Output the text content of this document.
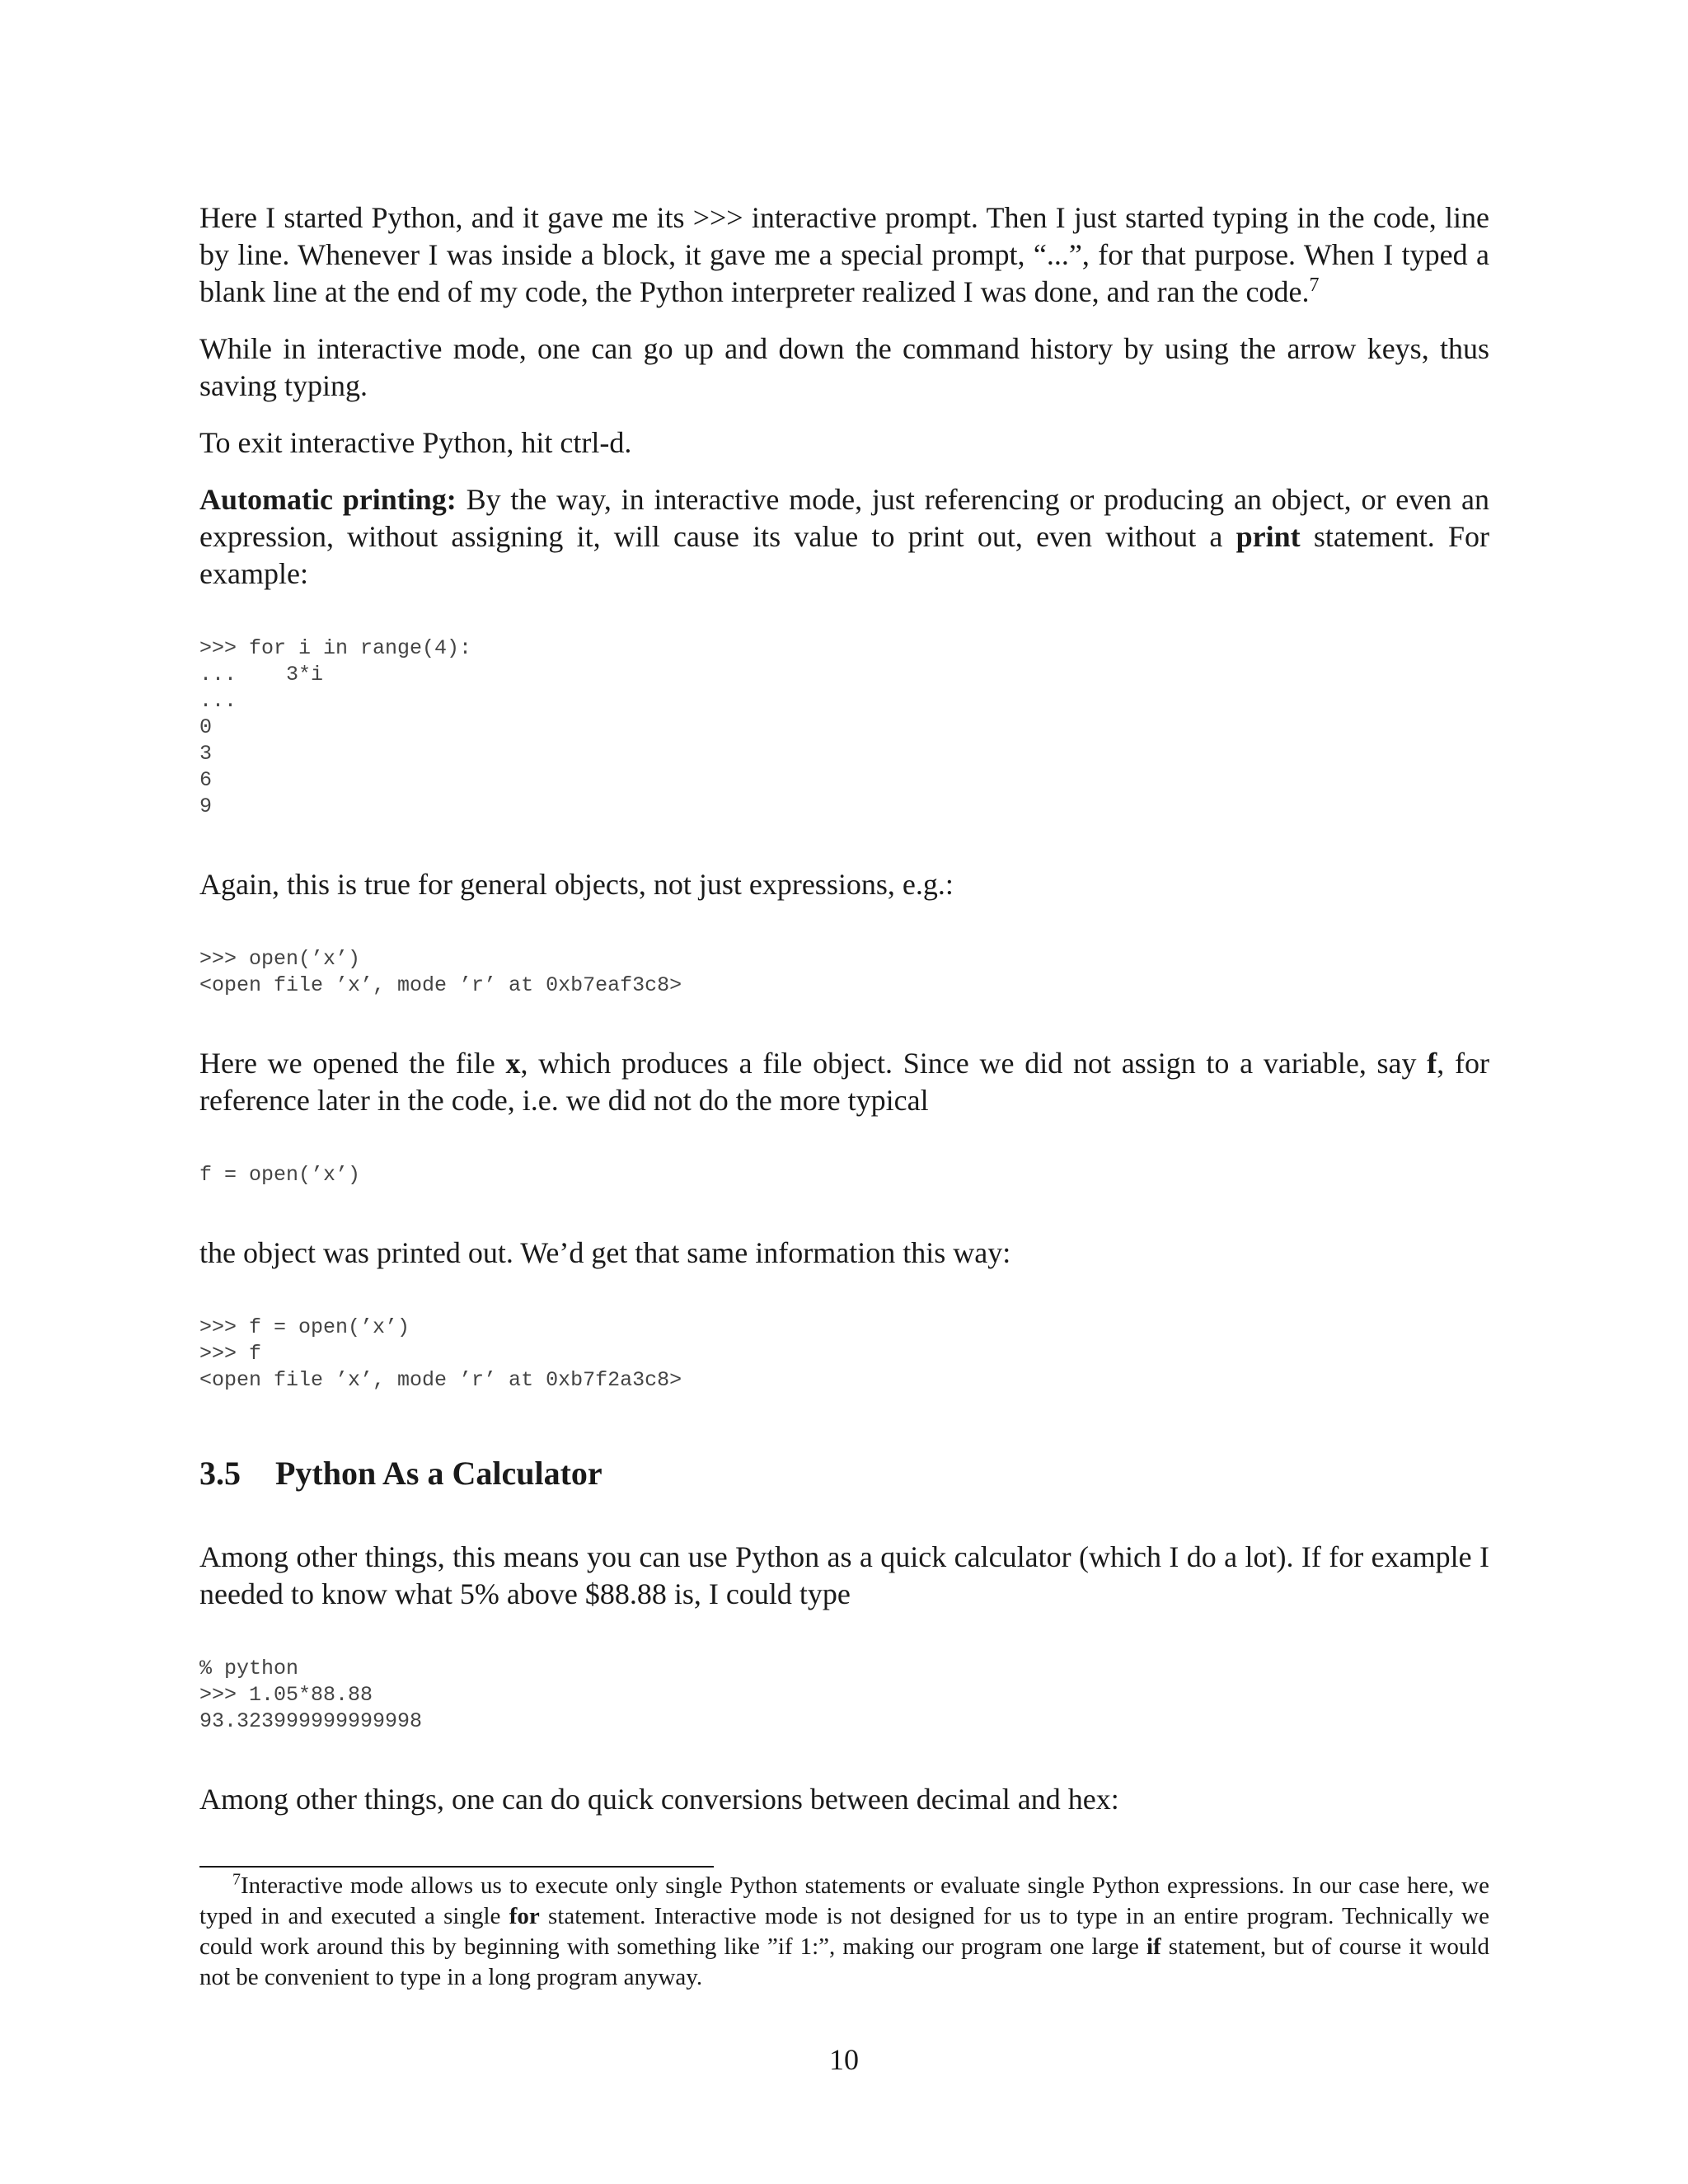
Here I started Python, and it gave me its >>> interactive prompt. Then I just started typing in the code, line by line. Whenever I was inside a block, it gave me a special prompt, “...”, for that purpose. When I typed a blank line at the end of my code, the Python interpreter realized I was done, and ran the code.$^7$

While in interactive mode, one can go up and down the command history by using the arrow keys, thus saving typing.

To exit interactive Python, hit ctrl-d.

Automatic printing: By the way, in interactive mode, just referencing or producing an object, or even an expression, without assigning it, will cause its value to print out, even without a print statement. For example:

>>> for i in range(4):
...    3*i
...
0
3
6
9

Again, this is true for general objects, not just expressions, e.g.:

>>> open(’x’)
<open file ’x’, mode ’r’ at 0xb7eaf3c8>

Here we opened the file x, which produces a file object. Since we did not assign to a variable, say f, for reference later in the code, i.e. we did not do the more typical

f = open(’x’)

the object was printed out. We’d get that same information this way:

>>> f = open(’x’)
>>> f
<open file ’x’, mode ’r’ at 0xb7f2a3c8>
3.5 Python As a Calculator

Among other things, this means you can use Python as a quick calculator (which I do a lot). If for example I needed to know what 5% above $88.88 is, I could type

% python
>>> 1.05*88.88
93.323999999999998

Among other things, one can do quick conversions between decimal and hex:

$^7$Interactive mode allows us to execute only single Python statements or evaluate single Python expressions. In our case here, we typed in and executed a single for statement. Interactive mode is not designed for us to type in an entire program. Technically we could work around this by beginning with something like ”if 1:”, making our program one large if statement, but of course it would not be convenient to type in a long program anyway.
10
